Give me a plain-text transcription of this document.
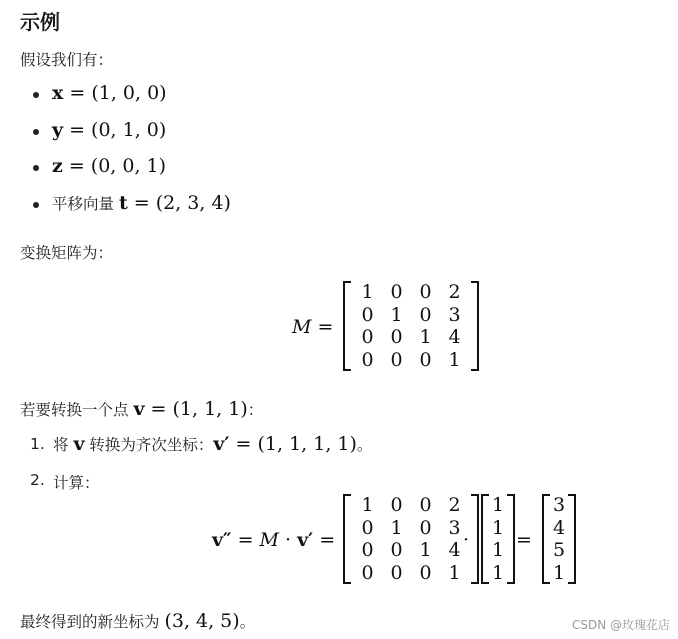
示例
假设我们有：
x = (1, 0, 0)
y = (0, 1, 0)
z = (0, 0, 1)
平移向量 t = (2, 3, 4)
变换矩阵为：
M =
1 0 0 2
0 1 0 3
0 0 1 4
0 0 0 1
若要转换一个点 v = (1, 1, 1)：
1. 将 v 转换为齐次坐标：v′ = (1, 1, 1, 1)。
2. 计算：
v″ = M · v′ =
1 0 0 2
0 1 0 3
0 0 1 4
0 0 0 1
·
1
1
1
1
=
3
4
5
1
最终得到的新坐标为 (3, 4, 5)。	CSDN @玫瑰花店
